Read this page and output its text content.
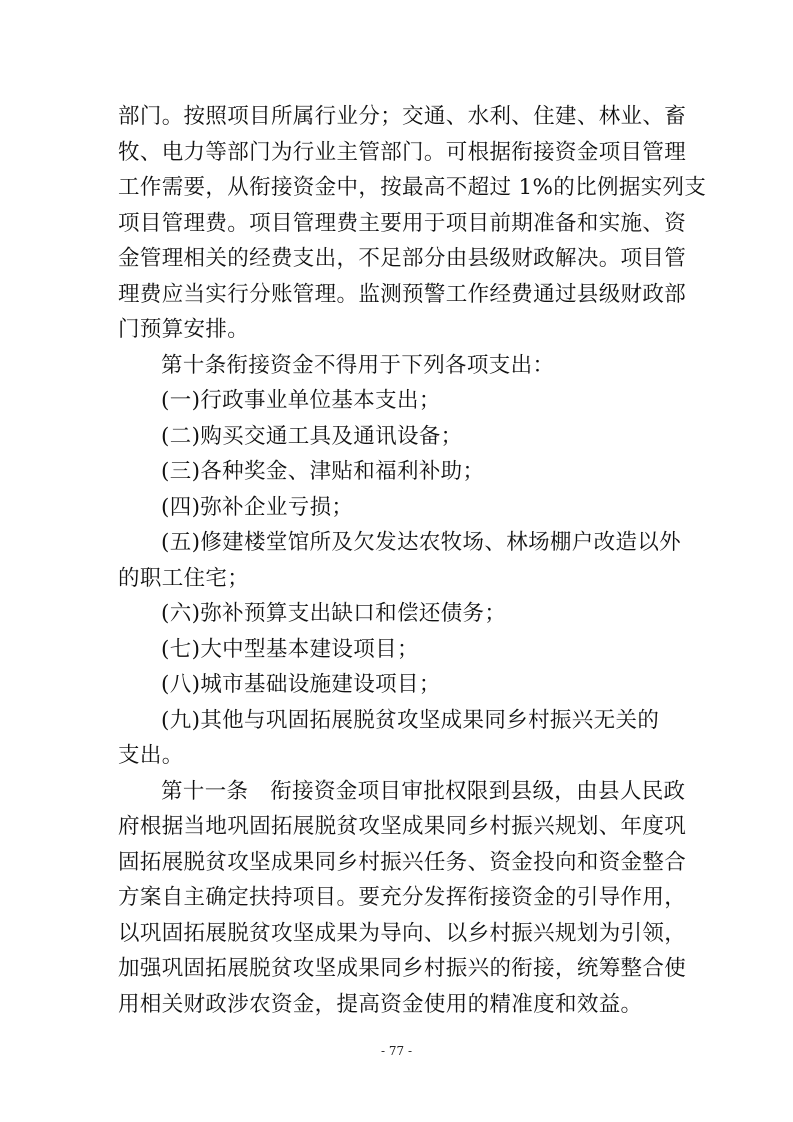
部门。按照项目所属行业分；交通、水利、住建、林业、畜
牧、电力等部门为行业主管部门。可根据衔接资金项目管理
工作需要，从衔接资金中，按最高不超过 1%的比例据实列支
项目管理费。项目管理费主要用于项目前期准备和实施、资
金管理相关的经费支出，不足部分由县级财政解决。项目管
理费应当实行分账管理。监测预警工作经费通过县级财政部
门预算安排。
第十条衔接资金不得用于下列各项支出：
(一)行政事业单位基本支出；
(二)购买交通工具及通讯设备；
(三)各种奖金、津贴和福利补助；
(四)弥补企业亏损；
(五)修建楼堂馆所及欠发达农牧场、林场棚户改造以外
的职工住宅；
(六)弥补预算支出缺口和偿还债务；
(七)大中型基本建设项目；
(八)城市基础设施建设项目；
(九)其他与巩固拓展脱贫攻坚成果同乡村振兴无关的
支出。
第十一条　衔接资金项目审批权限到县级，由县人民政
府根据当地巩固拓展脱贫攻坚成果同乡村振兴规划、年度巩
固拓展脱贫攻坚成果同乡村振兴任务、资金投向和资金整合
方案自主确定扶持项目。要充分发挥衔接资金的引导作用，
以巩固拓展脱贫攻坚成果为导向、以乡村振兴规划为引领，
加强巩固拓展脱贫攻坚成果同乡村振兴的衔接，统筹整合使
用相关财政涉农资金，提高资金使用的精准度和效益。
- 77 -
